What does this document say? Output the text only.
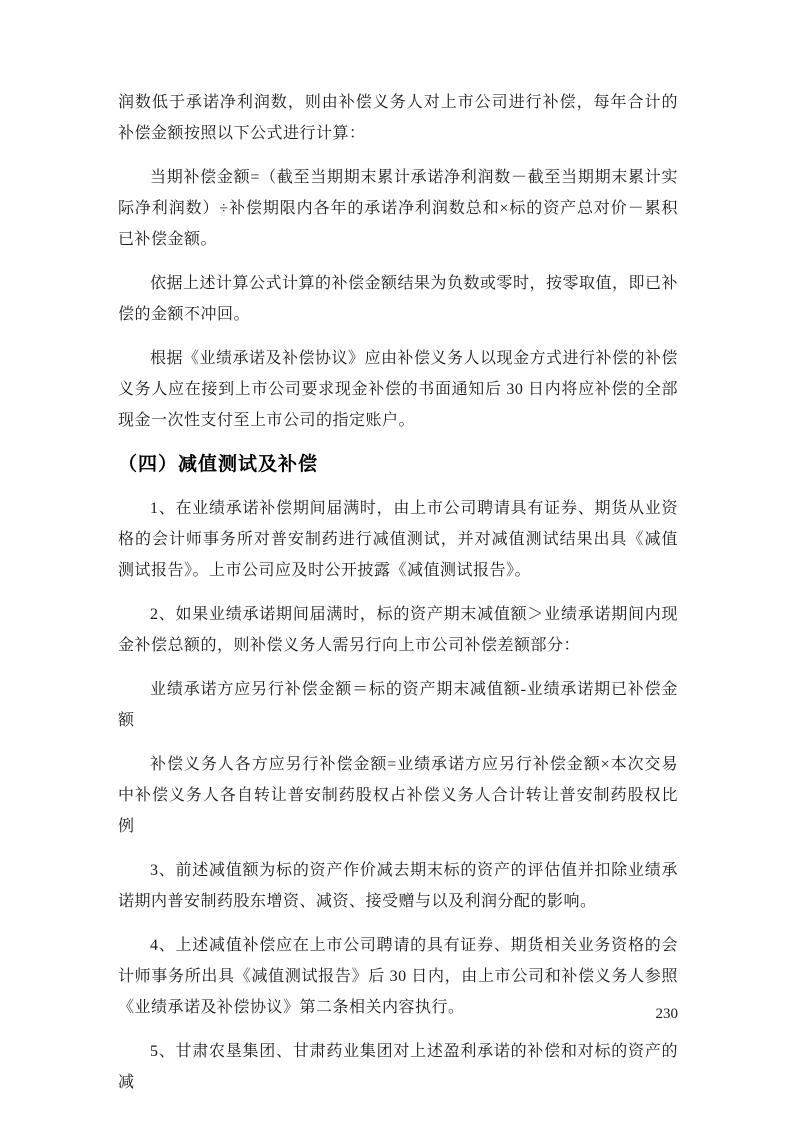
润数低于承诺净利润数，则由补偿义务人对上市公司进行补偿，每年合计的补偿金额按照以下公式进行计算：

当期补偿金额=（截至当期期末累计承诺净利润数－截至当期期末累计实际净利润数）÷补偿期限内各年的承诺净利润数总和×标的资产总对价－累积已补偿金额。

依据上述计算公式计算的补偿金额结果为负数或零时，按零取值，即已补偿的金额不冲回。

根据《业绩承诺及补偿协议》应由补偿义务人以现金方式进行补偿的补偿义务人应在接到上市公司要求现金补偿的书面通知后 30 日内将应补偿的全部现金一次性支付至上市公司的指定账户。

（四）减值测试及补偿

1、在业绩承诺补偿期间届满时，由上市公司聘请具有证券、期货从业资格的会计师事务所对普安制药进行减值测试，并对减值测试结果出具《减值测试报告》。上市公司应及时公开披露《减值测试报告》。

2、如果业绩承诺期间届满时，标的资产期末减值额＞业绩承诺期间内现金补偿总额的，则补偿义务人需另行向上市公司补偿差额部分：

业绩承诺方应另行补偿金额＝标的资产期末减值额-业绩承诺期已补偿金额

补偿义务人各方应另行补偿金额=业绩承诺方应另行补偿金额×本次交易中补偿义务人各自转让普安制药股权占补偿义务人合计转让普安制药股权比例

3、前述减值额为标的资产作价减去期末标的资产的评估值并扣除业绩承诺期内普安制药股东增资、减资、接受赠与以及利润分配的影响。

4、上述减值补偿应在上市公司聘请的具有证券、期货相关业务资格的会计师事务所出具《减值测试报告》后 30 日内，由上市公司和补偿义务人参照《业绩承诺及补偿协议》第二条相关内容执行。

5、甘肃农垦集团、甘肃药业集团对上述盈利承诺的补偿和对标的资产的减

230
